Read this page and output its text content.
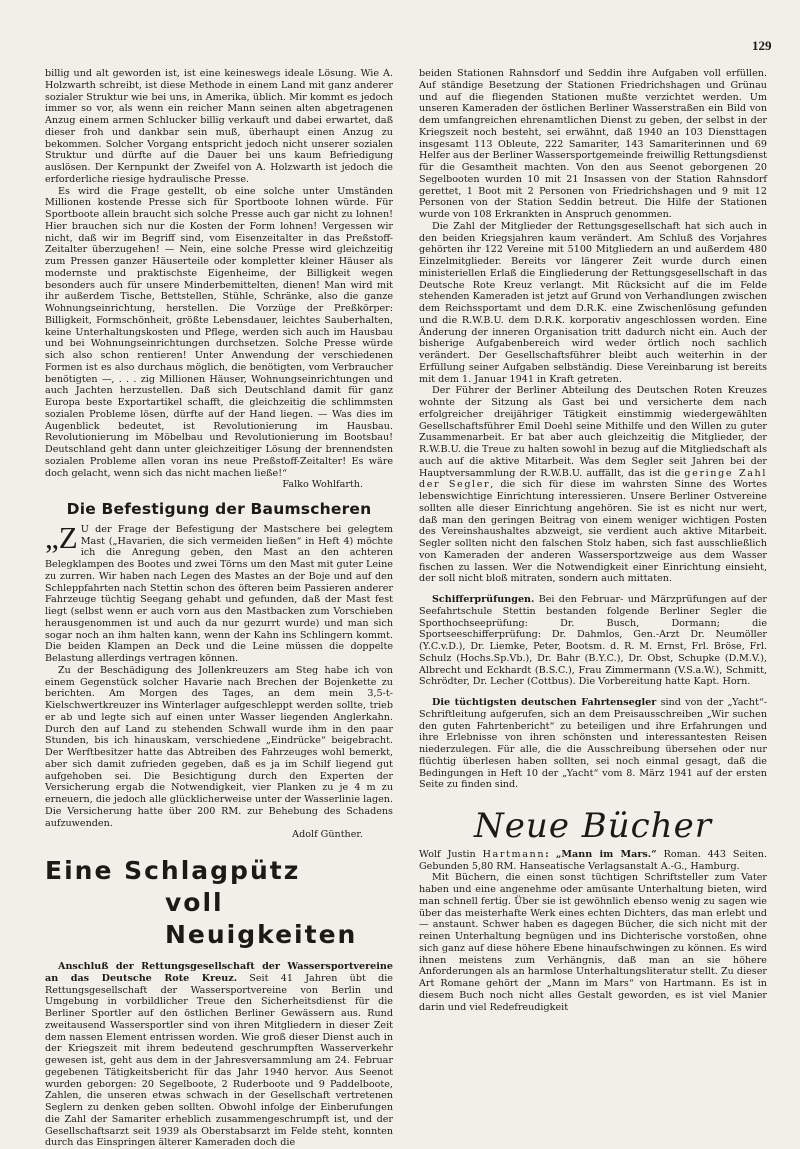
129

billig und alt geworden ist, ist eine keineswegs ideale Lösung. Wie A. Holzwarth schreibt, ist diese Methode in einem Land mit ganz anderer sozialer Struktur wie bei uns, in Amerika, üblich. Mir kommt es jedoch immer so vor, als wenn ein reicher Mann seinen alten abgetragenen Anzug einem armen Schlucker billig verkauft und dabei erwartet, daß dieser froh und dankbar sein muß, überhaupt einen Anzug zu bekommen. Solcher Vorgang entspricht jedoch nicht unserer sozialen Struktur und dürfte auf die Dauer bei uns kaum Befriedigung auslösen. Der Kernpunkt der Zweifel von A. Holzwarth ist jedoch die erforderliche riesige hydraulische Presse.

Es wird die Frage gestellt, ob eine solche unter Umständen Millionen kostende Presse sich für Sportboote lohnen würde. Für Sportboote allein braucht sich solche Presse auch gar nicht zu lohnen! Hier brauchen sich nur die Kosten der Form lohnen! Vergessen wir nicht, daß wir im Begriff sind, vom Eisenzeitalter in das Preßstoff-Zeitalter überzugehen! — Nein, eine solche Presse wird gleichzeitig zum Pressen ganzer Häuserteile oder kompletter kleiner Häuser als modernste und praktischste Eigenheime, der Billigkeit wegen besonders auch für unsere Minderbemittelten, dienen! Man wird mit ihr außerdem Tische, Bettstellen, Stühle, Schränke, also die ganze Wohnungseinrichtung, herstellen. Die Vorzüge der Preßkörper: Billigkeit, Formschönheit, größte Lebensdauer, leichtes Sauberhalten, keine Unterhaltungskosten und Pflege, werden sich auch im Hausbau und bei Wohnungseinrichtungen durchsetzen. Solche Presse würde sich also schon rentieren! Unter Anwendung der verschiedenen Formen ist es also durchaus möglich, die benötigten, vom Verbraucher benötigten —, . . . zig Millionen Häuser, Wohnungseinrichtungen und auch Jachten herzustellen. Daß sich Deutschland damit für ganz Europa beste Exportartikel schafft, die gleichzeitig die schlimmsten sozialen Probleme lösen, dürfte auf der Hand liegen. — Was dies im Augenblick bedeutet, ist Revolutionierung im Hausbau. Revolutionierung im Möbelbau und Revolutionierung im Bootsbau! Deutschland geht dann unter gleichzeitiger Lösung der brennendsten sozialen Probleme allen voran ins neue Preßstoff-Zeitalter! Es wäre doch gelacht, wenn sich das nicht machen ließe!“

Falko Wohlfarth.

Die Befestigung der Baumscheren

„Z U der Frage der Befestigung der Mastschere bei gelegtem Mast („Havarien, die sich vermeiden ließen“ in Heft 4) möchte ich die Anregung geben, den Mast an den achteren Belegklampen des Bootes und zwei Törns um den Mast mit guter Leine zu zurren. Wir haben nach Legen des Mastes an der Boje und auf den Schleppfahrten nach Stettin schon des öfteren beim Passieren anderer Fahrzeuge tüchtig Seegang gehabt und gefunden, daß der Mast fest liegt (selbst wenn er auch vorn aus den Mastbacken zum Vorschieben herausgenommen ist und auch da nur gezurrt wurde) und man sich sogar noch an ihm halten kann, wenn der Kahn ins Schlingern kommt. Die beiden Klampen an Deck und die Leine müssen die doppelte Belastung allerdings vertragen können.

Zu der Beschädigung des Jollenkreuzers am Steg habe ich von einem Gegenstück solcher Havarie nach Brechen der Bojenkette zu berichten. Am Morgen des Tages, an dem mein 3,5-t-Kielschwertkreuzer ins Winterlager aufgeschleppt werden sollte, trieb er ab und legte sich auf einen unter Wasser liegenden Anglerkahn. Durch den auf Land zu stehenden Schwall wurde ihm in den paar Stunden, bis ich hinauskam, verschiedene „Eindrücke“ beigebracht. Der Werftbesitzer hatte das Abtreiben des Fahrzeuges wohl bemerkt, aber sich damit zufrieden gegeben, daß es ja im Schilf liegend gut aufgehoben sei. Die Besichtigung durch den Experten der Versicherung ergab die Notwendigkeit, vier Planken zu je 4 m zu erneuern, die jedoch alle glücklicherweise unter der Wasserlinie lagen. Die Versicherung hatte über 200 RM. zur Behebung des Schadens aufzuwenden.

Adolf Günther.

Eine Schlagpütz
voll Neuigkeiten

Anschluß der Rettungsgesellschaft der Wassersportvereine an das Deutsche Rote Kreuz. Seit 41 Jahren übt die Rettungsgesellschaft der Wassersportvereine von Berlin und Umgebung in vorbildlicher Treue den Sicherheitsdienst für die Berliner Sportler auf den östlichen Berliner Gewässern aus. Rund zweitausend Wassersportler sind von ihren Mitgliedern in dieser Zeit dem nassen Element entrissen worden. Wie groß dieser Dienst auch in der Kriegszeit mit ihrem bedeutend geschrumpften Wasserverkehr gewesen ist, geht aus dem in der Jahresversammlung am 24. Februar gegebenen Tätigkeitsbericht für das Jahr 1940 hervor. Aus Seenot wurden geborgen: 20 Segelboote, 2 Ruderboote und 9 Paddelboote, Zahlen, die unseren etwas schwach in der Gesellschaft vertretenen Seglern zu denken geben sollten. Obwohl infolge der Einberufungen die Zahl der Samariter erheblich zusammengeschrumpft ist, und der Gesellschaftsarzt seit 1939 als Oberstabsarzt im Felde steht, konnten durch das Einspringen älterer Kameraden doch die

beiden Stationen Rahnsdorf und Seddin ihre Aufgaben voll erfüllen. Auf ständige Besetzung der Stationen Friedrichshagen und Grünau und auf die fliegenden Stationen mußte verzichtet werden. Um unseren Kameraden der östlichen Berliner Wasserstraßen ein Bild von dem umfangreichen ehrenamtlichen Dienst zu geben, der selbst in der Kriegszeit noch besteht, sei erwähnt, daß 1940 an 103 Diensttagen insgesamt 113 Obleute, 222 Samariter, 143 Samariterinnen und 69 Helfer aus der Berliner Wassersportgemeinde freiwillig Rettungsdienst für die Gesamtheit machten. Von den aus Seenot geborgenen 20 Segelbooten wurden 10 mit 21 Insassen von der Station Rahnsdorf gerettet, 1 Boot mit 2 Personen von Friedrichshagen und 9 mit 12 Personen von der Station Seddin betreut. Die Hilfe der Stationen wurde von 108 Erkrankten in Anspruch genommen.

Die Zahl der Mitglieder der Rettungsgesellschaft hat sich auch in den beiden Kriegsjahren kaum verändert. Am Schluß des Vorjahres gehörten ihr 122 Vereine mit 5100 Mitgliedern an und außerdem 480 Einzelmitglieder. Bereits vor längerer Zeit wurde durch einen ministeriellen Erlaß die Eingliederung der Rettungsgesellschaft in das Deutsche Rote Kreuz verlangt. Mit Rücksicht auf die im Felde stehenden Kameraden ist jetzt auf Grund von Verhandlungen zwischen dem Reichssportamt und dem D.R.K. eine Zwischenlösung gefunden und die R.W.B.U. dem D.R.K. korporativ angeschlossen worden. Eine Änderung der inneren Organisation tritt dadurch nicht ein. Auch der bisherige Aufgabenbereich wird weder örtlich noch sachlich verändert. Der Gesellschaftsführer bleibt auch weiterhin in der Erfüllung seiner Aufgaben selbständig. Diese Vereinbarung ist bereits mit dem 1. Januar 1941 in Kraft getreten.

Der Führer der Berliner Abteilung des Deutschen Roten Kreuzes wohnte der Sitzung als Gast bei und versicherte dem nach erfolgreicher dreijähriger Tätigkeit einstimmig wiedergewählten Gesellschaftsführer Emil Doehl seine Mithilfe und den Willen zu guter Zusammenarbeit. Er bat aber auch gleichzeitig die Mitglieder, der R.W.B.U. die Treue zu halten sowohl in bezug auf die Mitgliedschaft als auch auf die aktive Mitarbeit. Was dem Segler seit Jahren bei der Hauptversammlung der R.W.B.U. auffällt, das ist die geringe Zahl der Segler, die sich für diese im wahrsten Sinne des Wortes lebenswichtige Einrichtung interessieren. Unsere Berliner Ostvereine sollten alle dieser Einrichtung angehören. Sie ist es nicht nur wert, daß man den geringen Beitrag von einem weniger wichtigen Posten des Vereinshaushaltes abzweigt, sie verdient auch aktive Mitarbeit. Segler sollten nicht den falschen Stolz haben, sich fast ausschließlich von Kameraden der anderen Wassersportzweige aus dem Wasser fischen zu lassen. Wer die Notwendigkeit einer Einrichtung einsieht, der soll nicht bloß mitraten, sondern auch mittaten.

Schifferprüfungen. Bei den Februar- und Märzprüfungen auf der Seefahrtschule Stettin bestanden folgende Berliner Segler die Sporthochseeprüfung: Dr. Busch, Dormann; die Sportseeschifferprüfung: Dr. Dahmlos, Gen.-Arzt Dr. Neumöller (Y.C.v.D.), Dr. Liemke, Peter, Bootsm. d. R. M. Ernst, Frl. Bröse, Frl. Schulz (Hochs.Sp.Vb.), Dr. Bahr (B.Y.C.), Dr. Obst, Schupke (D.M.V.), Albrecht und Eckhardt (B.S.C.), Frau Zimmermann (V.S.a.W.), Schmitt, Schrödter, Dr. Lecher (Cottbus). Die Vorbereitung hatte Kapt. Horn.

Die tüchtigsten deutschen Fahrtensegler sind von der „Yacht“-Schriftleitung aufgerufen, sich an dem Preisausschreiben „Wir suchen den guten Fahrtenbericht“ zu beteiligen und ihre Erfahrungen und ihre Erlebnisse von ihren schönsten und interessantesten Reisen niederzulegen. Für alle, die die Ausschreibung übersehen oder nur flüchtig überlesen haben sollten, sei noch einmal gesagt, daß die Bedingungen in Heft 10 der „Yacht“ vom 8. März 1941 auf der ersten Seite zu finden sind.

Neue Bücher

Wolf Justin Hartmann: „Mann im Mars.“ Roman. 443 Seiten. Gebunden 5,80 RM. Hanseatische Verlagsanstalt A.-G., Hamburg.

Mit Büchern, die einen sonst tüchtigen Schriftsteller zum Vater haben und eine angenehme oder amüsante Unterhaltung bieten, wird man schnell fertig. Über sie ist gewöhnlich ebenso wenig zu sagen wie über das meisterhafte Werk eines echten Dichters, das man erlebt und — anstaunt. Schwer haben es dagegen Bücher, die sich nicht mit der reinen Unterhaltung begnügen und ins Dichterische vorstoßen, ohne sich ganz auf diese höhere Ebene hinaufschwingen zu können. Es wird ihnen meistens zum Verhängnis, daß man an sie höhere Anforderungen als an harmlose Unterhaltungsliteratur stellt. Zu dieser Art Romane gehört der „Mann im Mars“ von Hartmann. Es ist in diesem Buch noch nicht alles Gestalt geworden, es ist viel Manier darin und viel Redefreudigkeit
